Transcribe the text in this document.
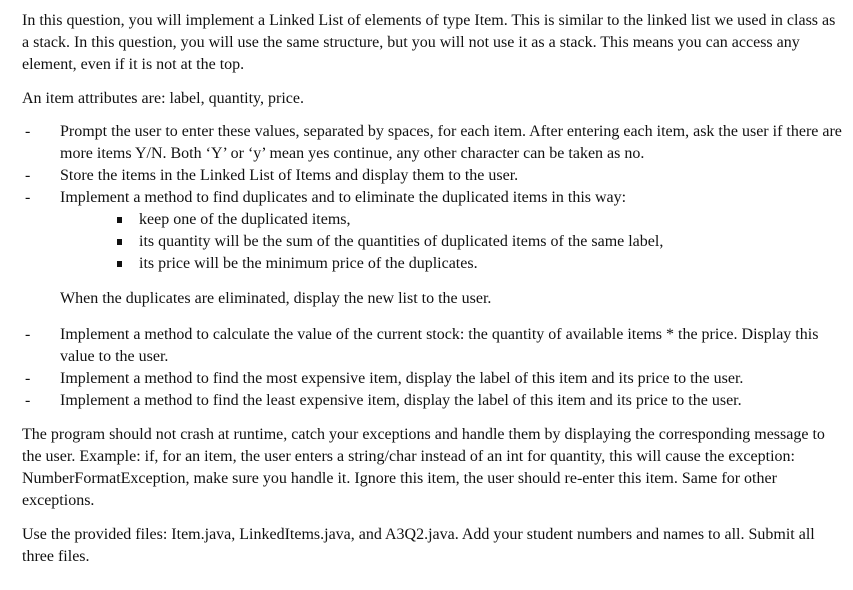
In this question, you will implement a Linked List of elements of type Item. This is similar to the linked list we used in class as a stack. In this question, you will use the same structure, but you will not use it as a stack. This means you can access any element, even if it is not at the top.

An item attributes are: label, quantity, price.

- Prompt the user to enter these values, separated by spaces, for each item. After entering each item, ask the user if there are more items Y/N. Both ‘Y’ or ‘y’ mean yes continue, any other character can be taken as no.
- Store the items in the Linked List of Items and display them to the user.
- Implement a method to find duplicates and to eliminate the duplicated items in this way:
keep one of the duplicated items,
its quantity will be the sum of the quantities of duplicated items of the same label,
its price will be the minimum price of the duplicates.

When the duplicates are eliminated, display the new list to the user.

- Implement a method to calculate the value of the current stock: the quantity of available items * the price. Display this value to the user.
- Implement a method to find the most expensive item, display the label of this item and its price to the user.
- Implement a method to find the least expensive item, display the label of this item and its price to the user.

The program should not crash at runtime, catch your exceptions and handle them by displaying the corresponding message to the user. Example: if, for an item, the user enters a string/char instead of an int for quantity, this will cause the exception: NumberFormatException, make sure you handle it. Ignore this item, the user should re-enter this item. Same for other exceptions.

Use the provided files: Item.java, LinkedItems.java, and A3Q2.java. Add your student numbers and names to all. Submit all three files.
